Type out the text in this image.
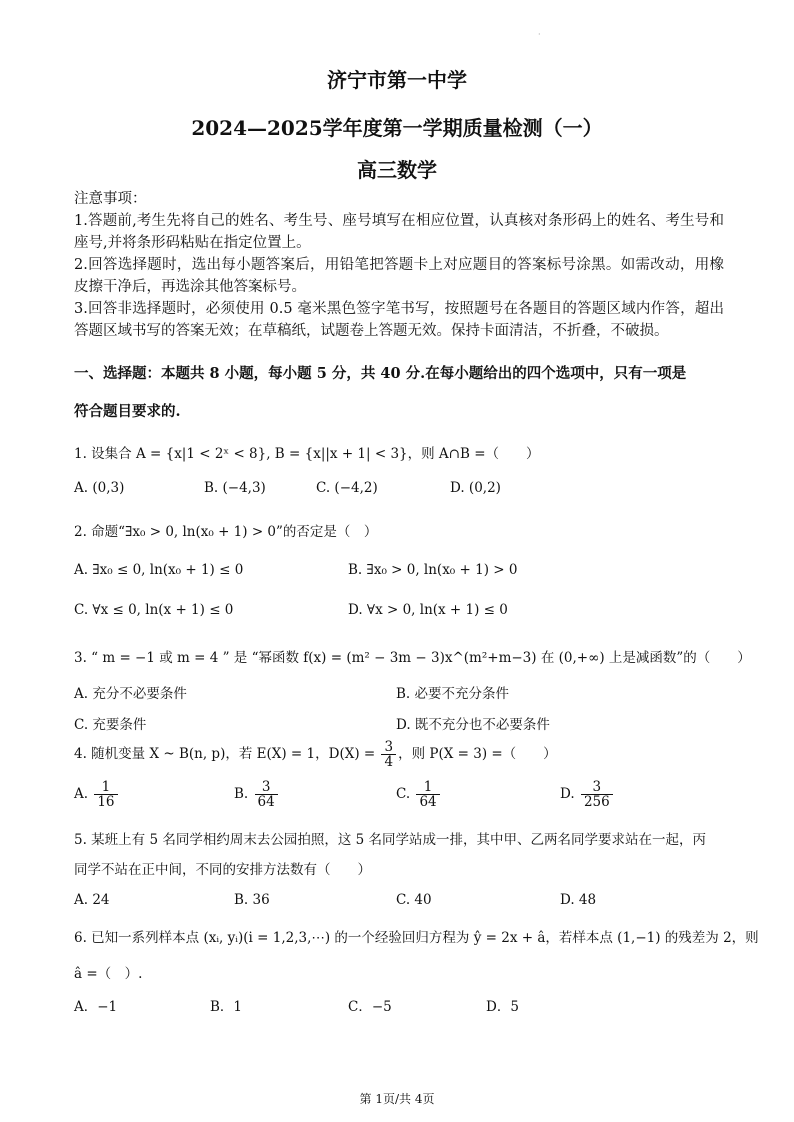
·
济宁市第一中学
2024—2025学年度第一学期质量检测（一）
高三数学

注意事项：

1.答题前,考生先将自己的姓名、考生号、座号填写在相应位置，认真核对条形码上的姓名、考生号和座号,并将条形码粘贴在指定位置上。

2.回答选择题时，选出每小题答案后，用铅笔把答题卡上对应题目的答案标号涂黑。如需改动，用橡皮擦干净后，再选涂其他答案标号。

3.回答非选择题时，必须使用 0.5 毫米黑色签字笔书写，按照题号在各题目的答题区域内作答，超出答题区域书写的答案无效；在草稿纸，试题卷上答题无效。保持卡面清洁，不折叠，不破损。

一、选择题：本题共 8 小题，每小题 5 分，共 40 分.在每小题给出的四个选项中，只有一项是
符合题目要求的.
1. 设集合 A = {x|1 < 2ˣ < 8}, B = {x||x + 1| < 3}，则 A∩B =（　　）
A. (0,3)	B. (−4,3)	C. (−4,2)	D. (0,2)
2. 命题“∃x₀ > 0, ln(x₀ + 1) > 0”的否定是（　）
A. ∃x₀ ≤ 0, ln(x₀ + 1) ≤ 0	B. ∃x₀ > 0, ln(x₀ + 1) > 0
C. ∀x ≤ 0, ln(x + 1) ≤ 0	D. ∀x > 0, ln(x + 1) ≤ 0
3. “ m = −1 或 m = 4 ” 是 “幂函数 f(x) = (m² − 3m − 3)x^(m²+m−3) 在 (0,+∞) 上是减函数”的（　　）
A. 充分不必要条件	B. 必要不充分条件
C. 充要条件	D. 既不充分也不必要条件
4. 随机变量 X ~ B(n, p)，若 E(X) = 1，$D(X) = \frac{3}{4}$ ，则 P(X = 3) =（　　）
A. $\frac{1}{16}$	B. $\frac{3}{64}$	C. $\frac{1}{64}$	D. $\frac{3}{256}$
5. 某班上有 5 名同学相约周末去公园拍照，这 5 名同学站成一排，其中甲、乙两名同学要求站在一起，丙
同学不站在正中间，不同的安排方法数有（　　）
A. 24	B. 36	C. 40	D. 48
6. 已知一系列样本点 (xᵢ, yᵢ)(i = 1,2,3,⋯) 的一个经验回归方程为 ŷ = 2x + â，若样本点 (1,−1) 的残差为 2，则
â =（　）.
A．−1	B．1	C．−5	D．5
第 1页/共 4页
